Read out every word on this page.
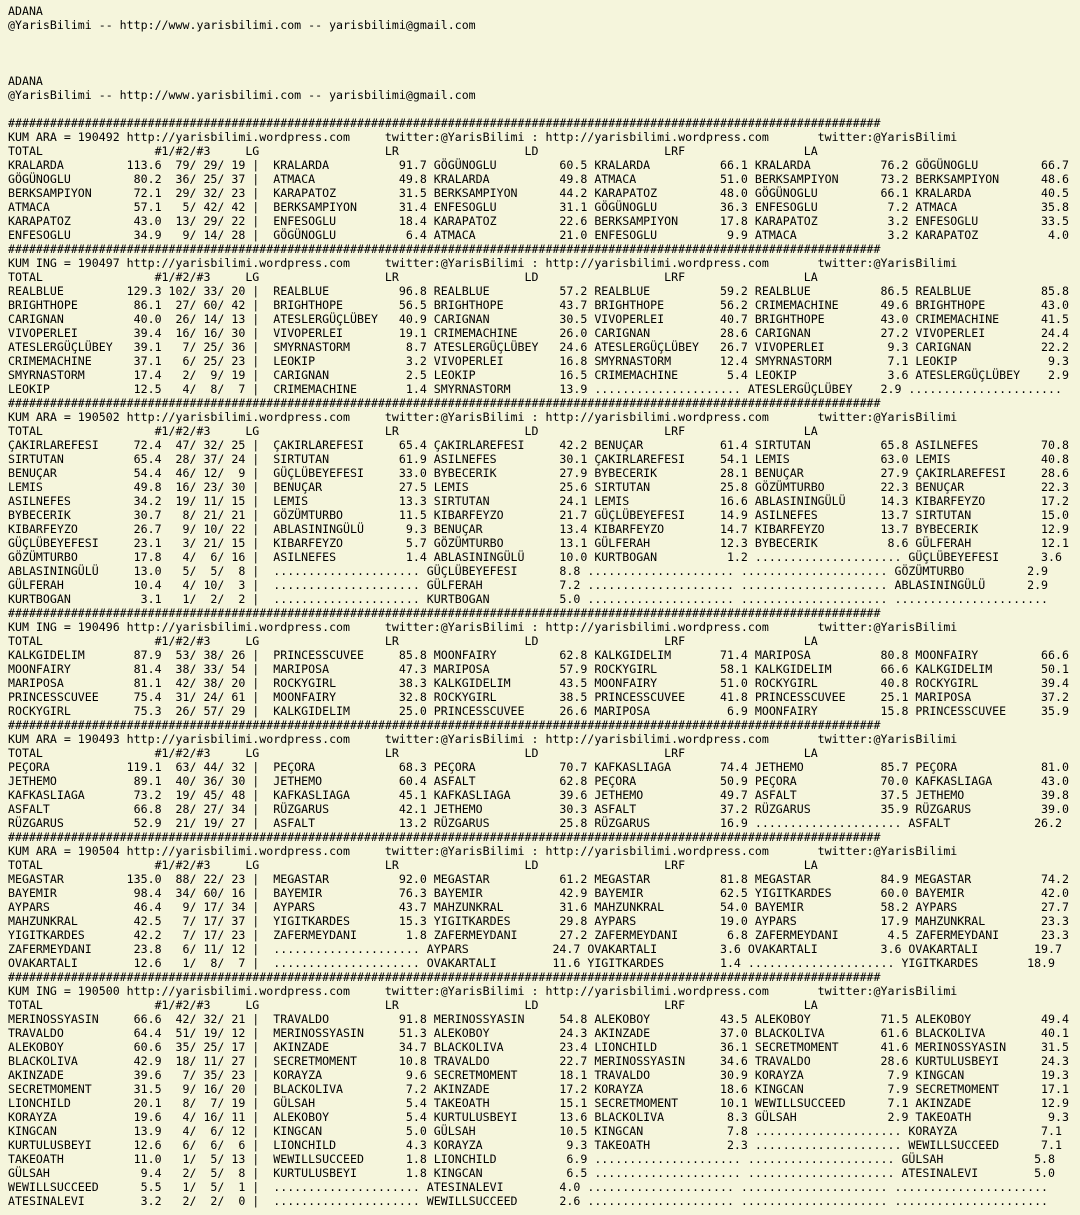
ADANA
@YarisBilimi -- http://www.yarisbilimi.com -- yarisbilimi@gmail.com

ADANA
@YarisBilimi -- http://www.yarisbilimi.com -- yarisbilimi@gmail.com

#############################################################################################################################
KUM ARA = 190492 http://yarisbilimi.wordpress.com     twitter:@YarisBilimi : http://yarisbilimi.wordpress.com       twitter:@YarisBilimi
TOTAL                #1/#2/#3     LG                  LR                  LD                  LRF                 LA
KRALARDA         113.6  79/ 29/ 19 |  KRALARDA          91.7 GÖGÜNOGLU         60.5 KRALARDA          66.1 KRALARDA          76.2 GÖGÜNOGLU         66.7
GÖGÜNOGLU         80.2  36/ 25/ 37 |  ATMACA            49.8 KRALARDA          49.8 ATMACA            51.0 BERKSAMPIYON      73.2 BERKSAMPIYON      48.6
BERKSAMPIYON      72.1  29/ 32/ 23 |  KARAPATOZ         31.5 BERKSAMPIYON      44.2 KARAPATOZ         48.0 GÖGÜNOGLU         66.1 KRALARDA          40.5
ATMACA            57.1   5/ 42/ 42 |  BERKSAMPIYON      31.4 ENFESOGLU         31.1 GÖGÜNOGLU         36.3 ENFESOGLU          7.2 ATMACA            35.8
KARAPATOZ         43.0  13/ 29/ 22 |  ENFESOGLU         18.4 KARAPATOZ         22.6 BERKSAMPIYON      17.8 KARAPATOZ          3.2 ENFESOGLU         33.5
ENFESOGLU         34.9   9/ 14/ 28 |  GÖGÜNOGLU          6.4 ATMACA            21.0 ENFESOGLU          9.9 ATMACA             3.2 KARAPATOZ          4.0
#############################################################################################################################
KUM ING = 190497 http://yarisbilimi.wordpress.com     twitter:@YarisBilimi : http://yarisbilimi.wordpress.com       twitter:@YarisBilimi
TOTAL                #1/#2/#3     LG                  LR                  LD                  LRF                 LA
REALBLUE         129.3 102/ 33/ 20 |  REALBLUE          96.8 REALBLUE          57.2 REALBLUE          59.2 REALBLUE          86.5 REALBLUE          85.8
BRIGHTHOPE        86.1  27/ 60/ 42 |  BRIGHTHOPE        56.5 BRIGHTHOPE        43.7 BRIGHTHOPE        56.2 CRIMEMACHINE      49.6 BRIGHTHOPE        43.0
CARIGNAN          40.0  26/ 14/ 13 |  ATESLERGÜÇLÜBEY   40.9 CARIGNAN          30.5 VIVOPERLEI        40.7 BRIGHTHOPE        43.0 CRIMEMACHINE      41.5
VIVOPERLEI        39.4  16/ 16/ 30 |  VIVOPERLEI        19.1 CRIMEMACHINE      26.0 CARIGNAN          28.6 CARIGNAN          27.2 VIVOPERLEI        24.4
ATESLERGÜÇLÜBEY   39.1   7/ 25/ 36 |  SMYRNASTORM        8.7 ATESLERGÜÇLÜBEY   24.6 ATESLERGÜÇLÜBEY   26.7 VIVOPERLEI         9.3 CARIGNAN          22.2
CRIMEMACHINE      37.1   6/ 25/ 23 |  LEOKIP             3.2 VIVOPERLEI        16.8 SMYRNASTORM       12.4 SMYRNASTORM        7.1 LEOKIP             9.3
SMYRNASTORM       17.4   2/  9/ 19 |  CARIGNAN           2.5 LEOKIP            16.5 CRIMEMACHINE       5.4 LEOKIP             3.6 ATESLERGÜÇLÜBEY    2.9
LEOKIP            12.5   4/  8/  7 |  CRIMEMACHINE       1.4 SMYRNASTORM       13.9 ..................... ATESLERGÜÇLÜBEY    2.9 ......................
#############################################################################################################################
KUM ARA = 190502 http://yarisbilimi.wordpress.com     twitter:@YarisBilimi : http://yarisbilimi.wordpress.com       twitter:@YarisBilimi
TOTAL                #1/#2/#3     LG                  LR                  LD                  LRF                 LA
ÇAKIRLAREFESI     72.4  47/ 32/ 25 |  ÇAKIRLAREFESI     65.4 ÇAKIRLAREFESI     42.2 BENUÇAR           61.4 SIRTUTAN          65.8 ASILNEFES         70.8
SIRTUTAN          65.4  28/ 37/ 24 |  SIRTUTAN          61.9 ASILNEFES         30.1 ÇAKIRLAREFESI     54.1 LEMIS             63.0 LEMIS             40.8
BENUÇAR           54.4  46/ 12/  9 |  GÜÇLÜBEYEFESI     33.0 BYBECERIK         27.9 BYBECERIK         28.1 BENUÇAR           27.9 ÇAKIRLAREFESI     28.6
LEMIS             49.8  16/ 23/ 30 |  BENUÇAR           27.5 LEMIS             25.6 SIRTUTAN          25.8 GÖZÜMTURBO        22.3 BENUÇAR           22.3
ASILNEFES         34.2  19/ 11/ 15 |  LEMIS             13.3 SIRTUTAN          24.1 LEMIS             16.6 ABLASININGÜLÜ     14.3 KIBARFEYZO        17.2
BYBECERIK         30.7   8/ 21/ 21 |  GÖZÜMTURBO        11.5 KIBARFEYZO        21.7 GÜÇLÜBEYEFESI     14.9 ASILNEFES         13.7 SIRTUTAN          15.0
KIBARFEYZO        26.7   9/ 10/ 22 |  ABLASININGÜLÜ      9.3 BENUÇAR           13.4 KIBARFEYZO        14.7 KIBARFEYZO        13.7 BYBECERIK         12.9
GÜÇLÜBEYEFESI     23.1   3/ 21/ 15 |  KIBARFEYZO         5.7 GÖZÜMTURBO        13.1 GÜLFERAH          12.3 BYBECERIK          8.6 GÜLFERAH          12.1
GÖZÜMTURBO        17.8   4/  6/ 16 |  ASILNEFES          1.4 ABLASININGÜLÜ     10.0 KURTBOGAN          1.2 ..................... GÜÇLÜBEYEFESI      3.6
ABLASININGÜLÜ     13.0   5/  5/  8 |  ..................... GÜÇLÜBEYEFESI      8.8 ..................... ..................... GÖZÜMTURBO         2.9
GÜLFERAH          10.4   4/ 10/  3 |  ..................... GÜLFERAH           7.2 ..................... ..................... ABLASININGÜLÜ      2.9
KURTBOGAN          3.1   1/  2/  2 |  ..................... KURTBOGAN          5.0 ..................... ..................... ......................
#############################################################################################################################
KUM ING = 190496 http://yarisbilimi.wordpress.com     twitter:@YarisBilimi : http://yarisbilimi.wordpress.com       twitter:@YarisBilimi
TOTAL                #1/#2/#3     LG                  LR                  LD                  LRF                 LA
KALKGIDELIM       87.9  53/ 38/ 26 |  PRINCESSCUVEE     85.8 MOONFAIRY         62.8 KALKGIDELIM       71.4 MARIPOSA          80.8 MOONFAIRY         66.6
MOONFAIRY         81.4  38/ 33/ 54 |  MARIPOSA          47.3 MARIPOSA          57.9 ROCKYGIRL         58.1 KALKGIDELIM       66.6 KALKGIDELIM       50.1
MARIPOSA          81.1  42/ 38/ 20 |  ROCKYGIRL         38.3 KALKGIDELIM       43.5 MOONFAIRY         51.0 ROCKYGIRL         40.8 ROCKYGIRL         39.4
PRINCESSCUVEE     75.4  31/ 24/ 61 |  MOONFAIRY         32.8 ROCKYGIRL         38.5 PRINCESSCUVEE     41.8 PRINCESSCUVEE     25.1 MARIPOSA          37.2
ROCKYGIRL         75.3  26/ 57/ 29 |  KALKGIDELIM       25.0 PRINCESSCUVEE     26.6 MARIPOSA           6.9 MOONFAIRY         15.8 PRINCESSCUVEE     35.9
#############################################################################################################################
KUM ARA = 190493 http://yarisbilimi.wordpress.com     twitter:@YarisBilimi : http://yarisbilimi.wordpress.com       twitter:@YarisBilimi
TOTAL                #1/#2/#3     LG                  LR                  LD                  LRF                 LA
PEÇORA           119.1  63/ 44/ 32 |  PEÇORA            68.3 PEÇORA            70.7 KAFKASLIAGA       74.4 JETHEMO           85.7 PEÇORA            81.0
JETHEMO           89.1  40/ 36/ 30 |  JETHEMO           60.4 ASFALT            62.8 PEÇORA            50.9 PEÇORA            70.0 KAFKASLIAGA       43.0
KAFKASLIAGA       73.2  19/ 45/ 48 |  KAFKASLIAGA       45.1 KAFKASLIAGA       39.6 JETHEMO           49.7 ASFALT            37.5 JETHEMO           39.8
ASFALT            66.8  28/ 27/ 34 |  RÜZGARUS          42.1 JETHEMO           30.3 ASFALT            37.2 RÜZGARUS          35.9 RÜZGARUS          39.0
RÜZGARUS          52.9  21/ 19/ 27 |  ASFALT            13.2 RÜZGARUS          25.8 RÜZGARUS          16.9 ..................... ASFALT            26.2
#############################################################################################################################
KUM ARA = 190504 http://yarisbilimi.wordpress.com     twitter:@YarisBilimi : http://yarisbilimi.wordpress.com       twitter:@YarisBilimi
TOTAL                #1/#2/#3     LG                  LR                  LD                  LRF                 LA
MEGASTAR         135.0  88/ 22/ 23 |  MEGASTAR          92.0 MEGASTAR          61.2 MEGASTAR          81.8 MEGASTAR          84.9 MEGASTAR          74.2
BAYEMIR           98.4  34/ 60/ 16 |  BAYEMIR           76.3 BAYEMIR           42.9 BAYEMIR           62.5 YIGITKARDES       60.0 BAYEMIR           42.0
AYPARS            46.4   9/ 17/ 34 |  AYPARS            43.7 MAHZUNKRAL        31.6 MAHZUNKRAL        54.0 BAYEMIR           58.2 AYPARS            27.7
MAHZUNKRAL        42.5   7/ 17/ 37 |  YIGITKARDES       15.3 YIGITKARDES       29.8 AYPARS            19.0 AYPARS            17.9 MAHZUNKRAL        23.3
YIGITKARDES       42.2   7/ 17/ 23 |  ZAFERMEYDANI       1.8 ZAFERMEYDANI      27.2 ZAFERMEYDANI       6.8 ZAFERMEYDANI       4.5 ZAFERMEYDANI      23.3
ZAFERMEYDANI      23.8   6/ 11/ 12 |  ..................... AYPARS            24.7 OVAKARTALI         3.6 OVAKARTALI         3.6 OVAKARTALI        19.7
OVAKARTALI        12.6   1/  8/  7 |  ..................... OVAKARTALI        11.6 YIGITKARDES        1.4 ..................... YIGITKARDES       18.9
#############################################################################################################################
KUM ING = 190500 http://yarisbilimi.wordpress.com     twitter:@YarisBilimi : http://yarisbilimi.wordpress.com       twitter:@YarisBilimi
TOTAL                #1/#2/#3     LG                  LR                  LD                  LRF                 LA
MERINOSSYASIN     66.6  42/ 32/ 21 |  TRAVALDO          91.8 MERINOSSYASIN     54.8 ALEKOBOY          43.5 ALEKOBOY          71.5 ALEKOBOY          49.4
TRAVALDO          64.4  51/ 19/ 12 |  MERINOSSYASIN     51.3 ALEKOBOY          24.3 AKINZADE          37.0 BLACKOLIVA        61.6 BLACKOLIVA        40.1
ALEKOBOY          60.6  35/ 25/ 17 |  AKINZADE          34.7 BLACKOLIVA        23.4 LIONCHILD         36.1 SECRETMOMENT      41.6 MERINOSSYASIN     31.5
BLACKOLIVA        42.9  18/ 11/ 27 |  SECRETMOMENT      10.8 TRAVALDO          22.7 MERINOSSYASIN     34.6 TRAVALDO          28.6 KURTULUSBEYI      24.3
AKINZADE          39.6   7/ 35/ 23 |  KORAYZA            9.6 SECRETMOMENT      18.1 TRAVALDO          30.9 KORAYZA            7.9 KINGCAN           19.3
SECRETMOMENT      31.5   9/ 16/ 20 |  BLACKOLIVA         7.2 AKINZADE          17.2 KORAYZA           18.6 KINGCAN            7.9 SECRETMOMENT      17.1
LIONCHILD         20.1   8/  7/ 19 |  GÜLSAH             5.4 TAKEOATH          15.1 SECRETMOMENT      10.1 WEWILLSUCCEED      7.1 AKINZADE          12.9
KORAYZA           19.6   4/ 16/ 11 |  ALEKOBOY           5.4 KURTULUSBEYI      13.6 BLACKOLIVA         8.3 GÜLSAH             2.9 TAKEOATH           9.3
KINGCAN           13.9   4/  6/ 12 |  KINGCAN            5.0 GÜLSAH            10.5 KINGCAN            7.8 ..................... KORAYZA            7.1
KURTULUSBEYI      12.6   6/  6/  6 |  LIONCHILD          4.3 KORAYZA            9.3 TAKEOATH           2.3 ..................... WEWILLSUCCEED      7.1
TAKEOATH          11.0   1/  5/ 13 |  WEWILLSUCCEED      1.8 LIONCHILD          6.9 ..................... ..................... GÜLSAH             5.8
GÜLSAH             9.4   2/  5/  8 |  KURTULUSBEYI       1.8 KINGCAN            6.5 ..................... ..................... ATESINALEVI        5.0
WEWILLSUCCEED      5.5   1/  5/  1 |  ..................... ATESINALEVI        4.0 ..................... ..................... ......................
ATESINALEVI        3.2   2/  2/  0 |  ..................... WEWILLSUCCEED      2.6 ..................... ..................... ......................
